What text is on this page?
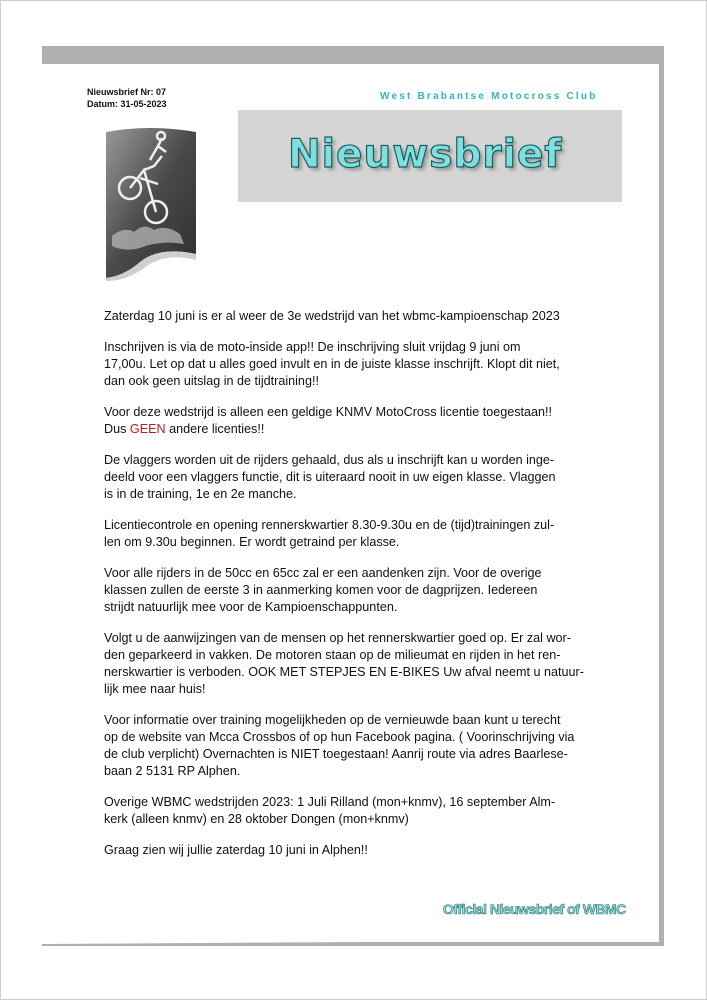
Nieuwsbrief Nr: 07
Datum: 31-05-2023
West Brabantse Motocross Club
Nieuwsbrief

Zaterdag 10 juni is er al weer de 3e wedstrijd van het wbmc-kampioenschap 2023

Inschrijven is via de moto-inside app!! De inschrijving sluit vrijdag 9 juni om
17,00u. Let op dat u alles goed invult en in de juiste klasse inschrijft. Klopt dit niet,
dan ook geen uitslag in de tijdtraining!!

Voor deze wedstrijd is alleen een geldige KNMV MotoCross licentie toegestaan!!
Dus GEEN andere licenties!!

De vlaggers worden uit de rijders gehaald, dus als u inschrijft kan u worden inge-
deeld voor een vlaggers functie, dit is uiteraard nooit in uw eigen klasse. Vlaggen
is in de training, 1e en 2e manche.

Licentiecontrole en opening rennerskwartier 8.30-9.30u en de (tijd)trainingen zul-
len om 9.30u beginnen. Er wordt getraind per klasse.

Voor alle rijders in de 50cc en 65cc zal er een aandenken zijn. Voor de overige
klassen zullen de eerste 3 in aanmerking komen voor de dagprijzen. Iedereen
strijdt natuurlijk mee voor de Kampioenschappunten.

Volgt u de aanwijzingen van de mensen op het rennerskwartier goed op. Er zal wor-
den geparkeerd in vakken. De motoren staan op de milieumat en rijden in het ren-
nerskwartier is verboden. OOK MET STEPJES EN E-BIKES Uw afval neemt u natuur-
lijk mee naar huis!

Voor informatie over training mogelijkheden op de vernieuwde baan kunt u terecht
op de website van Mcca Crossbos of op hun Facebook pagina. ( Voorinschrijving via
de club verplicht) Overnachten is NIET toegestaan! Aanrij route via adres Baarlese-
baan 2 5131 RP Alphen.

Overige WBMC wedstrijden 2023: 1 Juli Rilland (mon+knmv), 16 september Alm-
kerk (alleen knmv) en 28 oktober Dongen (mon+knmv)

Graag zien wij jullie zaterdag 10 juni in Alphen!!

Official Nieuwsbrief of WBMC
